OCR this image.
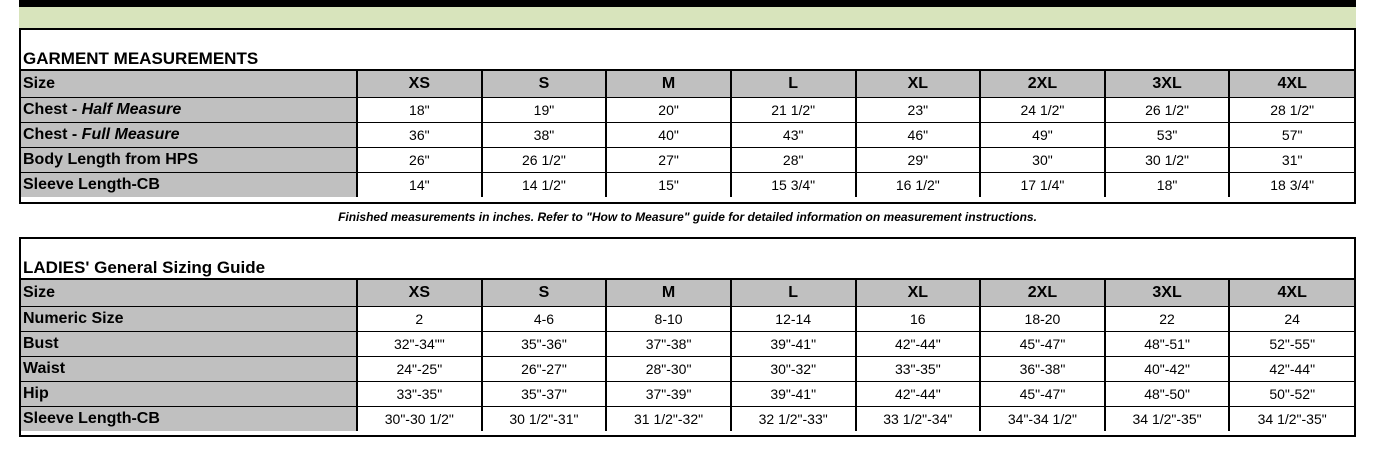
GARMENT MEASUREMENTS
Size	XS	S	M	L	XL	2XL	3XL	4XL
Chest - Half Measure	18"	19"	20"	21 1/2"	23"	24 1/2"	26 1/2"	28 1/2"
Chest - Full Measure	36"	38"	40"	43"	46"	49"	53"	57"
Body Length from HPS	26"	26 1/2"	27"	28"	29"	30"	30 1/2"	31"
Sleeve Length-CB	14"	14 1/2"	15"	15 3/4"	16 1/2"	17 1/4"	18"	18 3/4"
Finished measurements in inches. Refer to "How to Measure" guide for detailed information on measurement instructions.
LADIES' General Sizing Guide
Size	XS	S	M	L	XL	2XL	3XL	4XL
Numeric Size	2	4-6	8-10	12-14	16	18-20	22	24
Bust	32"-34""	35"-36"	37"-38"	39"-41"	42"-44"	45"-47"	48"-51"	52"-55"
Waist	24"-25"	26"-27"	28"-30"	30"-32"	33"-35"	36"-38"	40"-42"	42"-44"
Hip	33"-35"	35"-37"	37"-39"	39"-41"	42"-44"	45"-47"	48"-50"	50"-52"
Sleeve Length-CB	30"-30 1/2"	30 1/2"-31"	31 1/2"-32"	32 1/2"-33"	33 1/2"-34"	34"-34 1/2"	34 1/2"-35"	34 1/2"-35"
